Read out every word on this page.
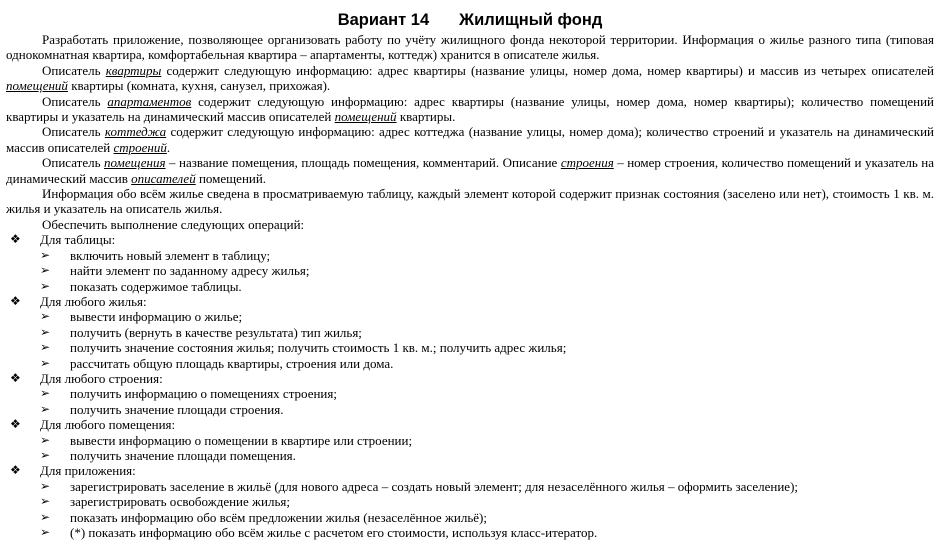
Вариант 14 Жилищный фонд

Разработать приложение, позволяющее организовать работу по учёту жилищного фонда некоторой территории. Информация о жилье разного типа (типовая однокомнатная квартира, комфортабельная квартира – апартаменты, коттедж) хранится в описателе жилья.

Описатель квартиры содержит следующую информацию: адрес квартиры (название улицы, номер дома, номер квартиры) и массив из четырех описателей помещений квартиры (комната, кухня, санузел, прихожая).

Описатель апартаментов содержит следующую информацию: адрес квартиры (название улицы, номер дома, номер квартиры); количество помещений квартиры и указатель на динамический массив описателей помещений квартиры.

Описатель коттеджа содержит следующую информацию: адрес коттеджа (название улицы, номер дома); количество строений и указатель на динамический массив описателей строений.

Описатель помещения – название помещения, площадь помещения, комментарий. Описание строения – номер строения, количество помещений и указатель на динамический массив описателей помещений.

Информация обо всём жилье сведена в просматриваемую таблицу, каждый элемент которой содержит признак состояния (заселено или нет), стоимость 1 кв. м. жилья и указатель на описатель жилья.

Обеспечить выполнение следующих операций:

❖ Для таблицы:
➢ включить новый элемент в таблицу;
➢ найти элемент по заданному адресу жилья;
➢ показать содержимое таблицы.
❖ Для любого жилья:
➢ вывести информацию о жилье;
➢ получить (вернуть в качестве результата) тип жилья;
➢ получить значение состояния жилья; получить стоимость 1 кв. м.; получить адрес жилья;
➢ рассчитать общую площадь квартиры, строения или дома.
❖ Для любого строения:
➢ получить информацию о помещениях строения;
➢ получить значение площади строения.
❖ Для любого помещения:
➢ вывести информацию о помещении в квартире или строении;
➢ получить значение площади помещения.
❖ Для приложения:
➢ зарегистрировать заселение в жильё (для нового адреса – создать новый элемент; для незаселённого жилья – оформить заселение);
➢ зарегистрировать освобождение жилья;
➢ показать информацию обо всём предложении жилья (незаселённое жильё);
➢ (*) показать информацию обо всём жилье с расчетом его стоимости, используя класс-итератор.
